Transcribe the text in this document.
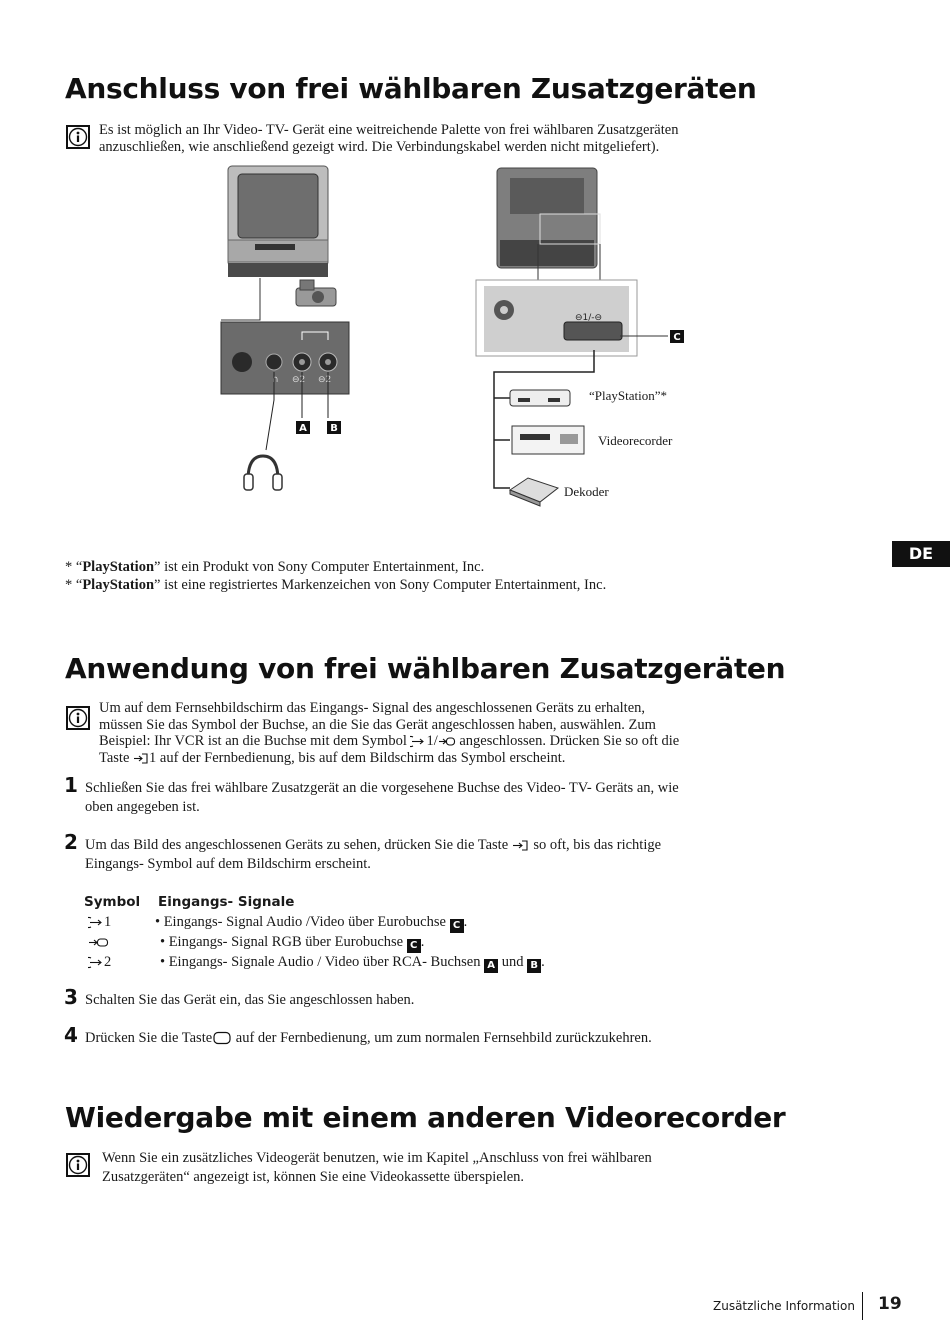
Anschluss von frei wählbaren Zusatzgeräten
Es ist möglich an Ihr Video- TV- Gerät eine weitreichende Palette von frei wählbaren Zusatzgeräten
anzuschließen, wie anschließend gezeigt wird. Die Verbindungskabel werden nicht mitgeliefert).
∩ ⊖2 ⊖2
A B
⊖1/-⊖
C
“PlayStation”*
Videorecorder
Dekoder
* “PlayStation” ist ein Produkt von Sony Computer Entertainment, Inc.
* “PlayStation” ist eine registriertes Markenzeichen von Sony Computer Entertainment, Inc.
DE
Anwendung von frei wählbaren Zusatzgeräten
Um auf dem Fernsehbildschirm das Eingangs- Signal des angeschlossenen Geräts zu erhalten,
müssen Sie das Symbol der Buchse, an die Sie das Gerät angeschlossen haben, auswählen. Zum
Beispiel: Ihr VCR ist an die Buchse mit dem Symbol 1/ angeschlossen. Drücken Sie so oft die
Taste 1 auf der Fernbedienung, bis auf dem Bildschirm das Symbol erscheint.
1 Schließen Sie das frei wählbare Zusatzgerät an die vorgesehene Buchse des Video- TV- Geräts an, wie
oben angegeben ist.
2 Um das Bild des angeschlossenen Geräts zu sehen, drücken Sie die Taste  so oft, bis das richtige
Eingangs- Symbol auf dem Bildschirm erscheint.
Symbol Eingangs- Signale
1	• Eingangs- Signal Audio /Video über Eurobuchse C .
• Eingangs- Signal RGB über Eurobuchse C .
2	• Eingangs- Signale Audio / Video über RCA- Buchsen A und B .
3 Schalten Sie das Gerät ein, das Sie angeschlossen haben.
4 Drücken Sie die Taste auf der Fernbedienung, um zum normalen Fernsehbild zurückzukehren.
Wiedergabe mit einem anderen Videorecorder
Wenn Sie ein zusätzliches Videogerät benutzen, wie im Kapitel „Anschluss von frei wählbaren
Zusatzgeräten“ angezeigt ist, können Sie eine Videokassette überspielen.
Zusätzliche Information 19
